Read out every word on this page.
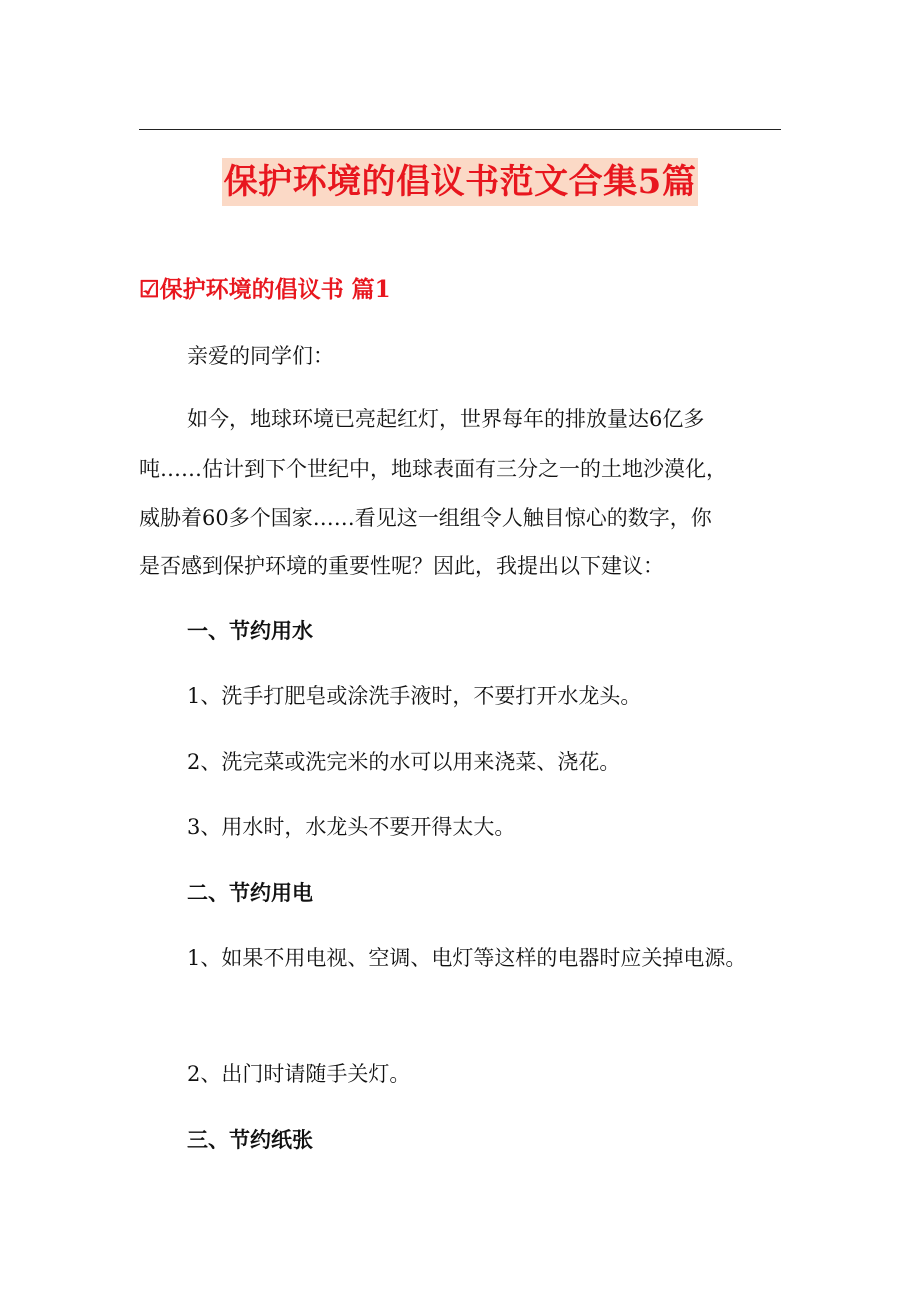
保护环境的倡议书范文合集5篇
☑保护环境的倡议书 篇1

亲爱的同学们：

如今，地球环境已亮起红灯，世界每年的排放量达6亿多

吨……估计到下个世纪中，地球表面有三分之一的土地沙漠化，

威胁着60多个国家……看见这一组组令人触目惊心的数字，你

是否感到保护环境的重要性呢？因此，我提出以下建议：

一、节约用水

1、洗手打肥皂或涂洗手液时，不要打开水龙头。

2、洗完菜或洗完米的水可以用来浇菜、浇花。

3、用水时，水龙头不要开得太大。

二、节约用电

1、如果不用电视、空调、电灯等这样的电器时应关掉电源。

2、出门时请随手关灯。

三、节约纸张
